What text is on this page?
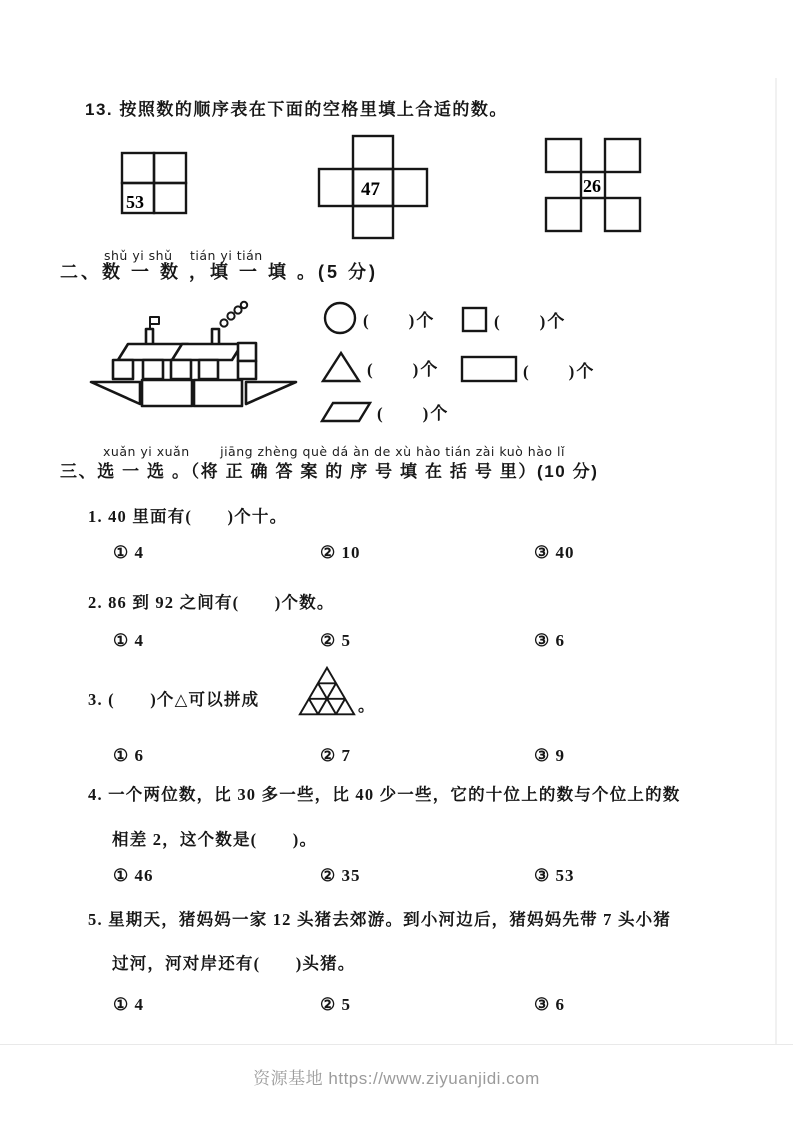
13. 按照数的顺序表在下面的空格里填上合适的数。
53
47	26
shǔ yi shǔ　 tián yi tián
二、数 一 数 ，填 一 填 。(5 分)
(　　)个	(　　)个
(　　)个	(　　)个
(　　)个
xuǎn yi xuǎn　　 jiāng zhèng què dá àn de xù hào tián zài kuò hào lǐ
三、选 一 选 。（将 正 确 答 案 的 序 号 填 在 括 号 里）(10 分)
1. 40 里面有(　　)个十。
① 4	② 10	③ 40
2. 86 到 92 之间有(　　)个数。
① 4	② 5	③ 6
3. (　　)个△可以拼成	。
① 6	② 7	③ 9
4. 一个两位数，比 30 多一些，比 40 少一些，它的十位上的数与个位上的数
相差 2，这个数是(　　)。
① 46	② 35	③ 53
5. 星期天，猪妈妈一家 12 头猪去郊游。到小河边后，猪妈妈先带 7 头小猪
过河，河对岸还有(　　)头猪。
① 4	② 5	③ 6
资源基地 https://www.ziyuanjidi.com
